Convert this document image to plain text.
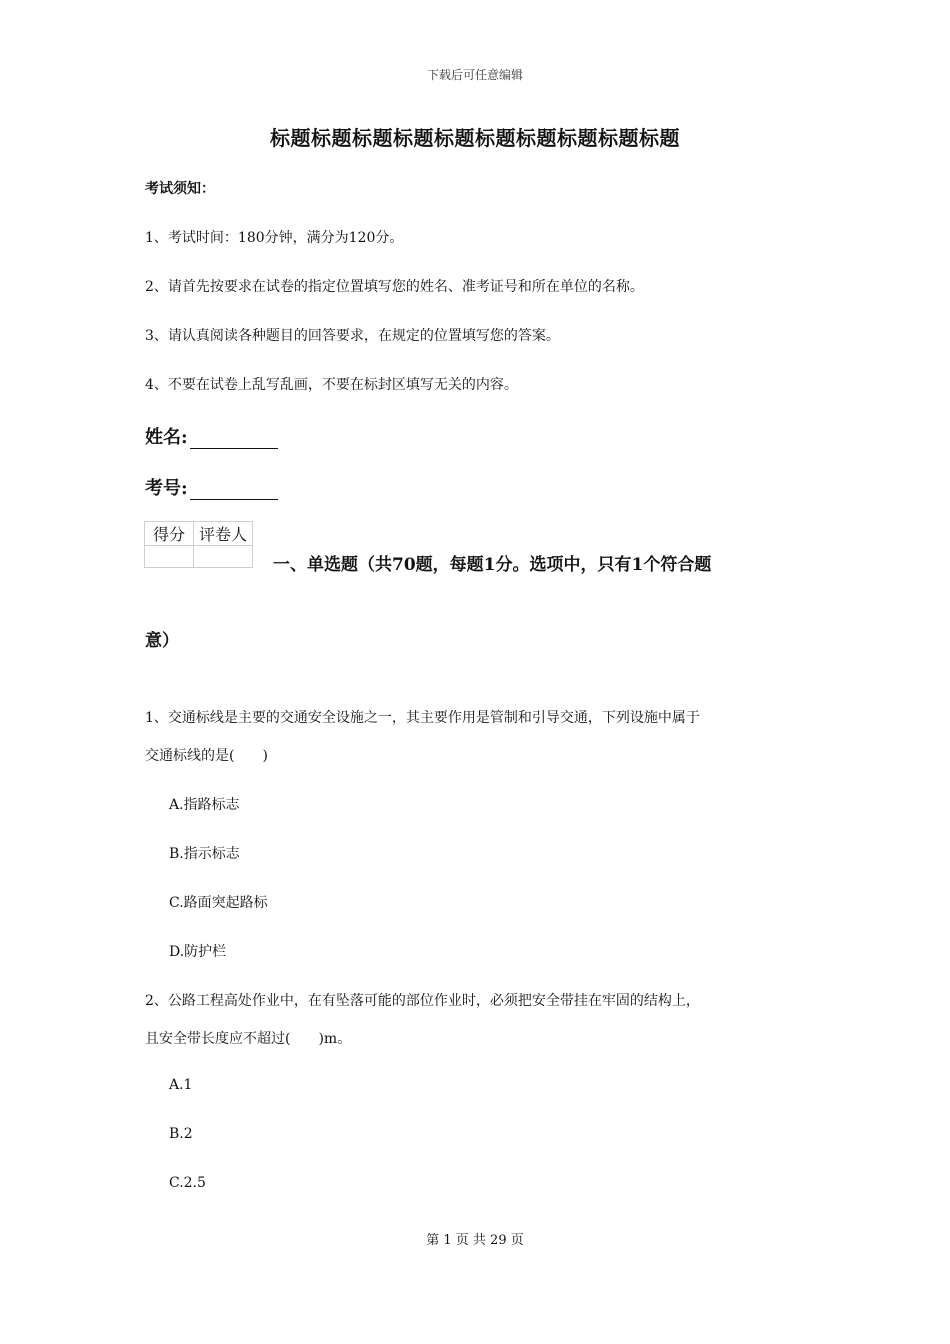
下载后可任意编辑
标题标题标题标题标题标题标题标题标题标题
考试须知：
1、考试时间：180分钟，满分为120分。
2、请首先按要求在试卷的指定位置填写您的姓名、准考证号和所在单位的名称。
3、请认真阅读各种题目的回答要求，在规定的位置填写您的答案。
4、不要在试卷上乱写乱画，不要在标封区填写无关的内容。
姓名:
考号:
得分	评卷人

一、单选题（共70题，每题1分。选项中，只有1个符合题
意）
1、交通标线是主要的交通安全设施之一，其主要作用是管制和引导交通，下列设施中属于
交通标线的是(　　)
A.指路标志
B.指示标志
C.路面突起路标
D.防护栏
2、公路工程高处作业中，在有坠落可能的部位作业时，必须把安全带挂在牢固的结构上，
且安全带长度应不超过(　　)m。
A.1
B.2
C.2.5
第 1 页 共 29 页
